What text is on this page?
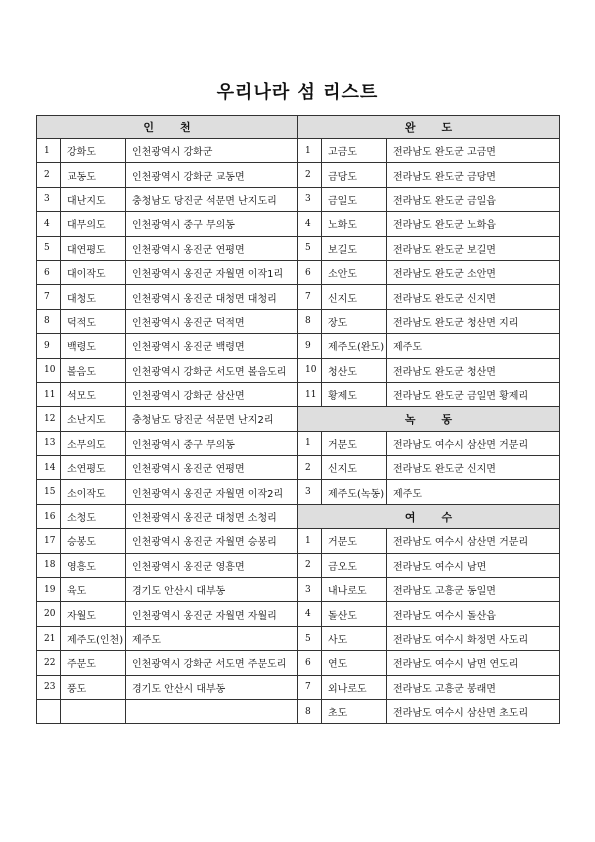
우리나라 섬 리스트
인천			완도		
1	강화도	인천광역시 강화군	1	고금도	전라남도 완도군 고금면
2	교동도	인천광역시 강화군 교동면	2	금당도	전라남도 완도군 금당면
3	대난지도	충청남도 당진군 석문면 난지도리	3	금일도	전라남도 완도군 금일읍
4	대무의도	인천광역시 중구 무의동	4	노화도	전라남도 완도군 노화읍
5	대연평도	인천광역시 옹진군 연평면	5	보길도	전라남도 완도군 보길면
6	대이작도	인천광역시 옹진군 자월면 이작1리	6	소안도	전라남도 완도군 소안면
7	대청도	인천광역시 옹진군 대청면 대청리	7	신지도	전라남도 완도군 신지면
8	덕적도	인천광역시 옹진군 덕적면	8	장도	전라남도 완도군 청산면 지리
9	백령도	인천광역시 옹진군 백령면	9	제주도(완도)	제주도
10	볼음도	인천광역시 강화군 서도면 볼음도리	10	청산도	전라남도 완도군 청산면
11	석모도	인천광역시 강화군 삼산면	11	황제도	전라남도 완도군 금일면 황제리
12	소난지도	충청남도 당진군 석문면 난지2리	녹동		
13	소무의도	인천광역시 중구 무의동	1	거문도	전라남도 여수시 삼산면 거문리
14	소연평도	인천광역시 옹진군 연평면	2	신지도	전라남도 완도군 신지면
15	소이작도	인천광역시 옹진군 자월면 이작2리	3	제주도(녹동)	제주도
16	소청도	인천광역시 옹진군 대청면 소청리	여수		
17	승봉도	인천광역시 옹진군 자월면 승봉리	1	거문도	전라남도 여수시 삼산면 거문리
18	영흥도	인천광역시 옹진군 영흥면	2	금오도	전라남도 여수시 남면
19	육도	경기도 안산시 대부동	3	내나로도	전라남도 고흥군 동일면
20	자월도	인천광역시 옹진군 자월면 자월리	4	돌산도	전라남도 여수시 돌산읍
21	제주도(인천)	제주도	5	사도	전라남도 여수시 화정면 사도리
22	주문도	인천광역시 강화군 서도면 주문도리	6	연도	전라남도 여수시 남면 연도리
23	풍도	경기도 안산시 대부동	7	외나로도	전라남도 고흥군 봉래면
			8	초도	전라남도 여수시 삼산면 초도리
